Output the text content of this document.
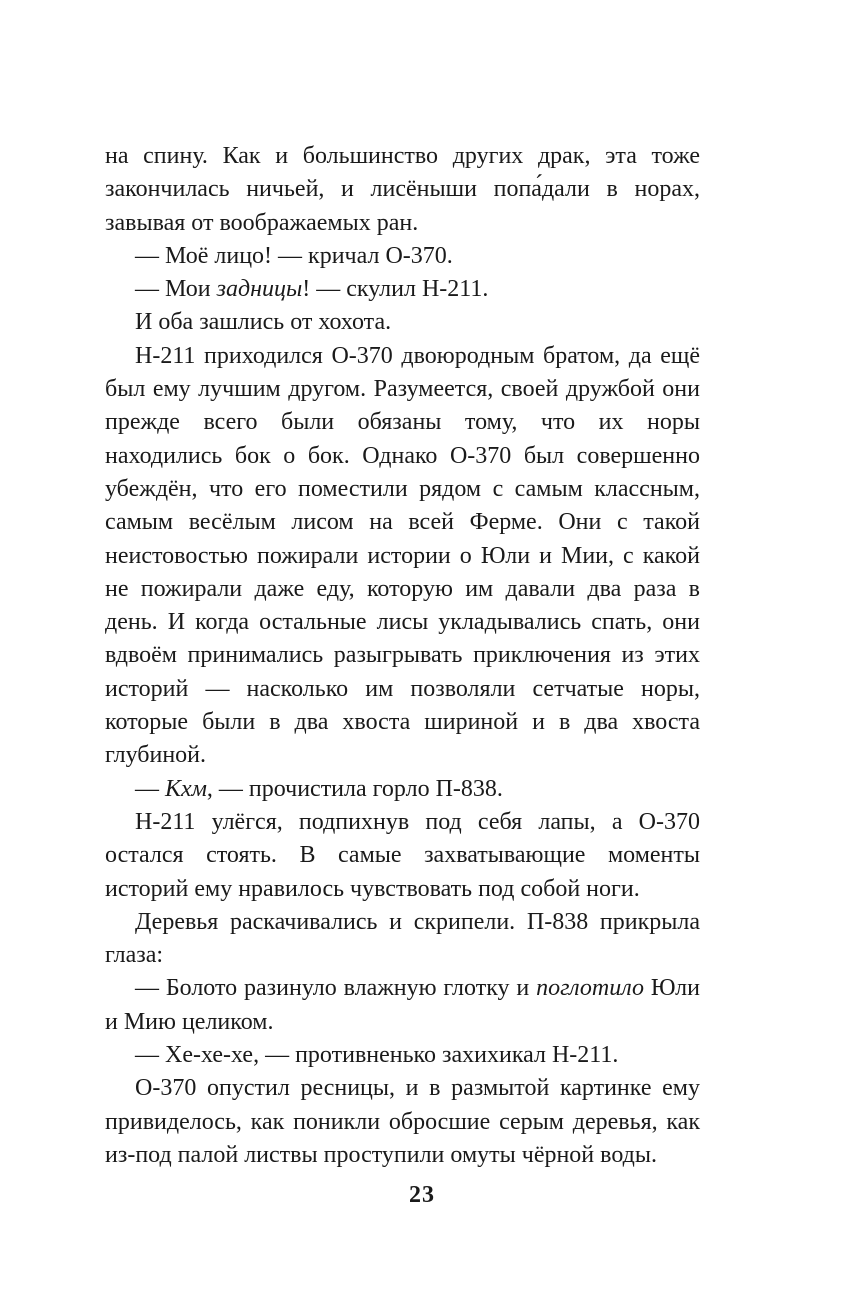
на спину. Как и большинство других драк, эта тоже закончилась ничьей, и лисёныши попа́дали в норах, завывая от воображаемых ран.

— Моё лицо! — кричал О-370.

— Мои задницы! — скулил Н-211.

И оба зашлись от хохота.

Н-211 приходился О-370 двоюродным братом, да ещё был ему лучшим другом. Разумеется, своей дружбой они прежде всего были обязаны тому, что их норы находились бок о бок. Однако О-370 был совершенно убеждён, что его поместили рядом с самым классным, самым весёлым лисом на всей Ферме. Они с такой неистовостью пожирали истории о Юли и Мии, с какой не пожирали даже еду, которую им давали два раза в день. И когда остальные лисы укладывались спать, они вдвоём принимались разыгрывать приключения из этих историй — насколько им позволяли сетчатые норы, которые были в два хвоста шириной и в два хвоста глубиной.

— Кхм, — прочистила горло П-838.

Н-211 улёгся, подпихнув под себя лапы, а О-370 остался стоять. В самые захватывающие моменты историй ему нравилось чувствовать под собой ноги.

Деревья раскачивались и скрипели. П-838 прикрыла глаза:

— Болото разинуло влажную глотку и поглотило Юли и Мию целиком.

— Хе-хе-хе, — противненько захихикал Н-211.

О-370 опустил ресницы, и в размытой картинке ему привиделось, как поникли обросшие серым деревья, как из-под палой листвы проступили омуты чёрной воды.

23
